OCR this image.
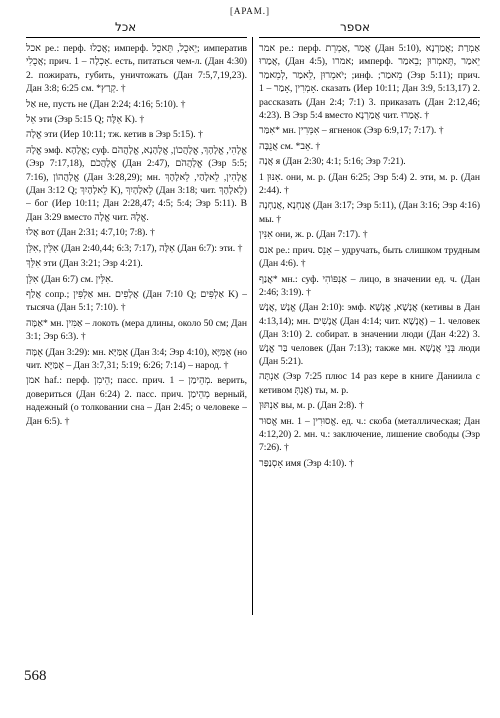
[АРАМ.]
אספר
אכל

אמר pe.: перф. אֲמַר ,אַמְרֵת (Дан 5:10), אַמְרַת ;אֲמַרְנָא ,אֲמַרוּ (Дан 4:5), אמרו; имперф. יֵאמַר ,תֵּאמְרוּן ;בֵאמַר ;יֹאמְרוּן ,לֵאמַר ,לְמֵאמַר ;инф. ;מֵאמַר (Эзр 5:11); прич. אָמְרִין ,אָמַר – 1. сказать (Иер 10:11; Дан 3:9, 5:13,17) 2. рассказать (Дан 2:4; 7:1) 3. приказать (Дан 2:12,46; 4:23). В Эзр 5:4 вместо אֲמַרְנָא чит. אֲמַרוּ. †

אִמַּר* мн. אִמְּרִין – ягненок (Эзр 6:9,17; 7:17). †

אֲנֻבָּה см. *אֵב. †

אֲנָה я (Дан 2:30; 4:1; 5:16; Эзр 7:21).

אִנּוּן 1. они, м. р. (Дан 6:25; Эзр 5:4) 2. эти, м. р. (Дан 2:44). †

אֲנַחְנָא ,אֲנַחְנָה (Дан 3:17; Эзр 5:11), (Дан 3:16; Эзр 4:16) мы. †

אִנִּין они, ж. р. (Дан 7:17). †

אנס pe.: прич. אָנֵס – удручать, быть слишком трудным (Дан 4:6). †

אֲנַף* мн.: суф. אַנְפּוֹהִי – лицо, в значении ед. ч. (Дан 2:46; 3:19). †

אֱנָשׁ ,אֲנָשׁ (Дан 2:10): эмф. אֲנָשָׁא, אֱנָשָׁא (кетивы в Дан 4:13,14); мн. אֲנָשִׁים (Дан 4:14; чит. אֲנָשָׁא) – 1. человек (Дан 3:10) 2. собират. в значении люди (Дан 4:22) 3. בַּר אֱנָשׁ человек (Дан 7:13); также мн. בְּנֵי אֲנָשָׁא люди (Дан 5:21).

אַנְתָּה (Эзр 7:25 плюс 14 раз кере в книге Даниила с кетивом אַנְתְּ) ты, м. р.

אַנְתּוּן вы, м. р. (Дан 2:8). †

אֱסוּר мн. אֱסוּרִין – 1. ед. ч.: скоба (металлическая; Дан 4:12,20) 2. мн. ч.: заключение, лишение свободы (Эзр 7:26). †

אָסְנַפַּר имя (Эзр 4:10). †

אכל pe.: перф. אֲכַלוּ; имперф. יֵאכֻל, תֵּאכֻל; императив אֲכֻלִי; прич. אָכְלָה – 1. есть, питаться чем-л. (Дан 4:30) 2. пожирать, губить, уничтожать (Дан 7:5,7,19,23). Дан 3:8; 6:25 см. *קְרַץ. †

אַל не, пусть не (Дан 2:24; 4:16; 5:10). †

אֵל эти (Эзр 5:15 Q; אֵלֶּה K). †

אֱלָה эти (Иер 10:11; тж. кетив в Эзр 5:15). †

אֱלָהּ эмф. אֱלָהָא; суф. אֱלָהִי, אֱלָהָךְ, אֱלָהֲכוֹן, אֱלָהָנָא, אֱלָהֲהֹם (Эзр 7:17,18), אֱלָהֲכֹם (Дан 2:47), אֱלָהֲהֹם (Эзр 5:5; 7:16), אֱלָהֲהוֹן (Дан 3:28,29); мн. אֱלָהִין, לֵאלָהַי, לֵאלָהָךְ (Дан 3:12 Q; לֵאלָהָיִךְ K), לֵאלָהָיִךְ (Дан 3:18; чит. לֵאלָהָךְ) – бог (Иер 10:11; Дан 2:28,47; 4:5; 5:4; Эзр 5:11). В Дан 3:29 вместо אֱלָה чит. אֱלָהּ.

אֲלוּ вот (Дан 2:31; 4:7,10; 7:8). †

אִלֵּין ,אִלֵּן (Дан 2:40,44; 6:3; 7:17), אֵלֶּה (Дан 6:7): эти. †

אִלֵּךְ эти (Дан 3:21; Эзр 4:21).

אִלֵּן (Дан 6:7) см. אִלֵּין.

אֲלַף сопр.; אַלְפִּין мн. אֲלָפִים (Дан 7:10 Q; אַלְפִּים K) – тысяча (Дан 5:1; 7:10). †

אַמָּה* мн. אַמִּין – локоть (мера длины, около 50 см; Дан 3:1; Эзр 6:3). †

אֻמָּה (Дан 3:29): мн. אֻמַּיָּא (Дан 3:4; Эзр 4:10), אֻמַּיָּא (но чит. אֻמַּיָּא – Дан 3:7,31; 5:19; 6:26; 7:14) – народ. †

אמן haf.: перф. הֵימִן; пасс. прич. מְהֵימַן – 1. верить, довериться (Дан 6:24) 2. пасс. прич. מְהֵימַן верный, надежный (о толковании сна – Дан 2:45; о человеке – Дан 6:5). †

568
